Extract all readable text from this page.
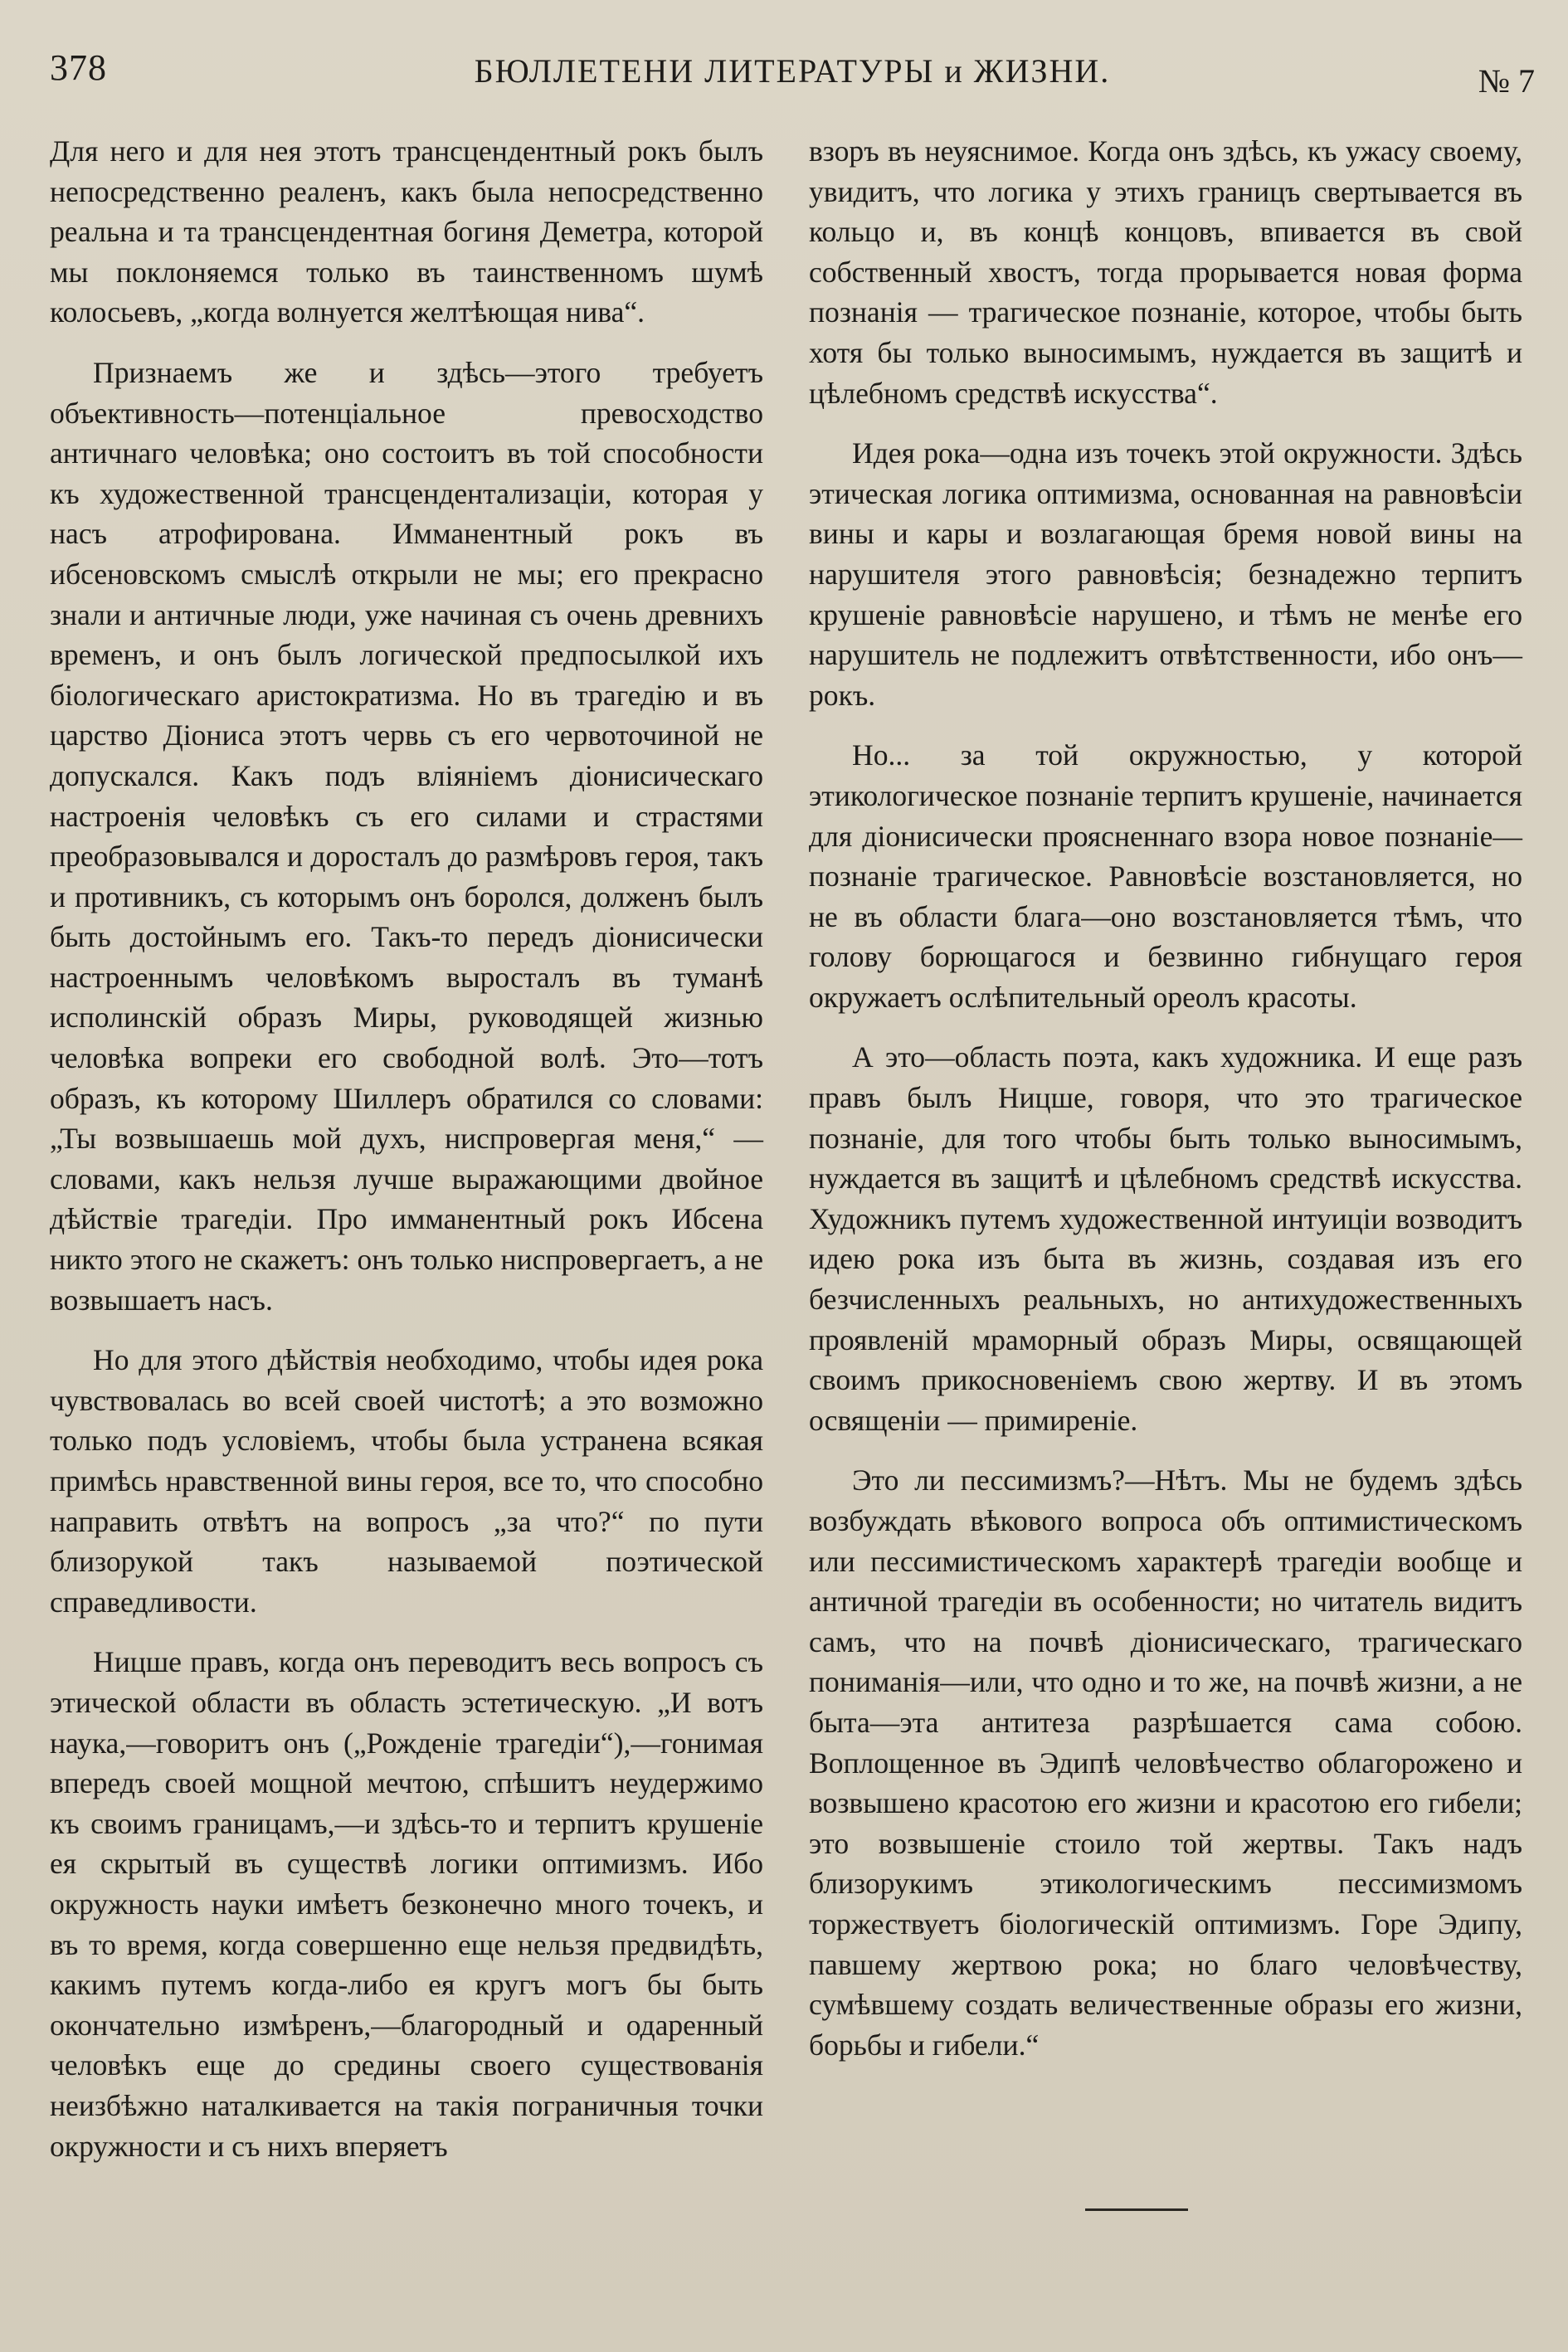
378	БЮЛЛЕТЕНИ ЛИТЕРАТУРЫ и ЖИЗНИ.	№ 7

Для него и для нея этотъ трансцендентный рокъ былъ непосредственно реаленъ, какъ была непосредственно реальна и та трансцендентная богиня Деметра, которой мы поклоняемся только въ таинственномъ шумѣ колосьевъ, „когда волнуется желтѣющая нива“.

Признаемъ же и здѣсь—этого требуетъ объективность—потенціальное превосходство античнаго человѣка; оно состоитъ въ той способности къ художественной трансцендентализаціи, которая у насъ атрофирована. Имманентный рокъ въ ибсеновскомъ смыслѣ открыли не мы; его прекрасно знали и античные люди, уже начиная съ очень древнихъ временъ, и онъ былъ логической предпосылкой ихъ біологическаго аристократизма. Но въ трагедію и въ царство Діониса этотъ червь съ его червоточиной не допускался. Какъ подъ вліяніемъ діонисическаго настроенія человѣкъ съ его силами и страстями преобразовывался и доросталъ до размѣровъ героя, такъ и противникъ, съ которымъ онъ боролся, долженъ былъ быть достойнымъ его. Такъ-то передъ діонисически настроеннымъ человѣкомъ выросталъ въ туманѣ исполинскій образъ Миры, руководящей жизнью человѣка вопреки его свободной волѣ. Это—тотъ образъ, къ которому Шиллеръ обратился со словами: „Ты возвышаешь мой духъ, ниспровергая меня,“ — словами, какъ нельзя лучше выражающими двойное дѣйствіе трагедіи. Про имманентный рокъ Ибсена никто этого не скажетъ: онъ только ниспровергаетъ, а не возвышаетъ насъ.

Но для этого дѣйствія необходимо, чтобы идея рока чувствовалась во всей своей чистотѣ; а это возможно только подъ условіемъ, чтобы была устранена всякая примѣсь нравственной вины героя, все то, что способно направить отвѣтъ на вопросъ „за что?“ по пути близорукой такъ называемой поэтической справедливости.

Ницше правъ, когда онъ переводитъ весь вопросъ съ этической области въ область эстетическую. „И вотъ наука,—говоритъ онъ („Рожденіе трагедіи“),—гонимая впередъ своей мощной мечтою, спѣшитъ неудержимо къ своимъ границамъ,—и здѣсь-то и терпитъ крушеніе ея скрытый въ существѣ логики оптимизмъ. Ибо окружность науки имѣетъ безконечно много точекъ, и въ то время, когда совершенно еще нельзя предвидѣть, какимъ путемъ когда-либо ея кругъ могъ бы быть окончательно измѣренъ,—благородный и одаренный человѣкъ еще до средины своего существованія неизбѣжно наталкивается на такія пограничныя точки окружности и съ нихъ вперяетъ

взоръ въ неуяснимое. Когда онъ здѣсь, къ ужасу своему, увидитъ, что логика у этихъ границъ свертывается въ кольцо и, въ концѣ концовъ, впивается въ свой собственный хвостъ, тогда прорывается новая форма познанія — трагическое познаніе, которое, чтобы быть хотя бы только выносимымъ, нуждается въ защитѣ и цѣлебномъ средствѣ искусства“.

Идея рока—одна изъ точекъ этой окружности. Здѣсь этическая логика оптимизма, основанная на равновѣсіи вины и кары и возлагающая бремя новой вины на нарушителя этого равновѣсія; безнадежно терпитъ крушеніе равновѣсіе нарушено, и тѣмъ не менѣе его нарушитель не подлежитъ отвѣтственности, ибо онъ—рокъ.

Но... за той окружностью, у которой этикологическое познаніе терпитъ крушеніе, начинается для діонисически проясненнаго взора новое познаніе—познаніе трагическое. Равновѣсіе возстановляется, но не въ области блага—оно возстановляется тѣмъ, что голову борющагося и безвинно гибнущаго героя окружаетъ ослѣпительный ореолъ красоты.

А это—область поэта, какъ художника. И еще разъ правъ былъ Ницше, говоря, что это трагическое познаніе, для того чтобы быть только выносимымъ, нуждается въ защитѣ и цѣлебномъ средствѣ искусства. Художникъ путемъ художественной интуиціи возводитъ идею рока изъ быта въ жизнь, создавая изъ его безчисленныхъ реальныхъ, но антихудожественныхъ проявленій мраморный образъ Миры, освящающей своимъ прикосновеніемъ свою жертву. И въ этомъ освященіи — примиреніе.

Это ли пессимизмъ?—Нѣтъ. Мы не будемъ здѣсь возбуждать вѣкового вопроса объ оптимистическомъ или пессимистическомъ характерѣ трагедіи вообще и античной трагедіи въ особенности; но читатель видитъ самъ, что на почвѣ діонисическаго, трагическаго пониманія—или, что одно и то же, на почвѣ жизни, а не быта—эта антитеза разрѣшается сама собою. Воплощенное въ Эдипѣ человѣчество облагорожено и возвышено красотою его жизни и красотою его гибели; это возвышеніе стоило той жертвы. Такъ надъ близорукимъ этикологическимъ пессимизмомъ торжествуетъ біологическій оптимизмъ. Горе Эдипу, павшему жертвою рока; но благо человѣчеству, сумѣвшему создать величественные образы его жизни, борьбы и гибели.“
